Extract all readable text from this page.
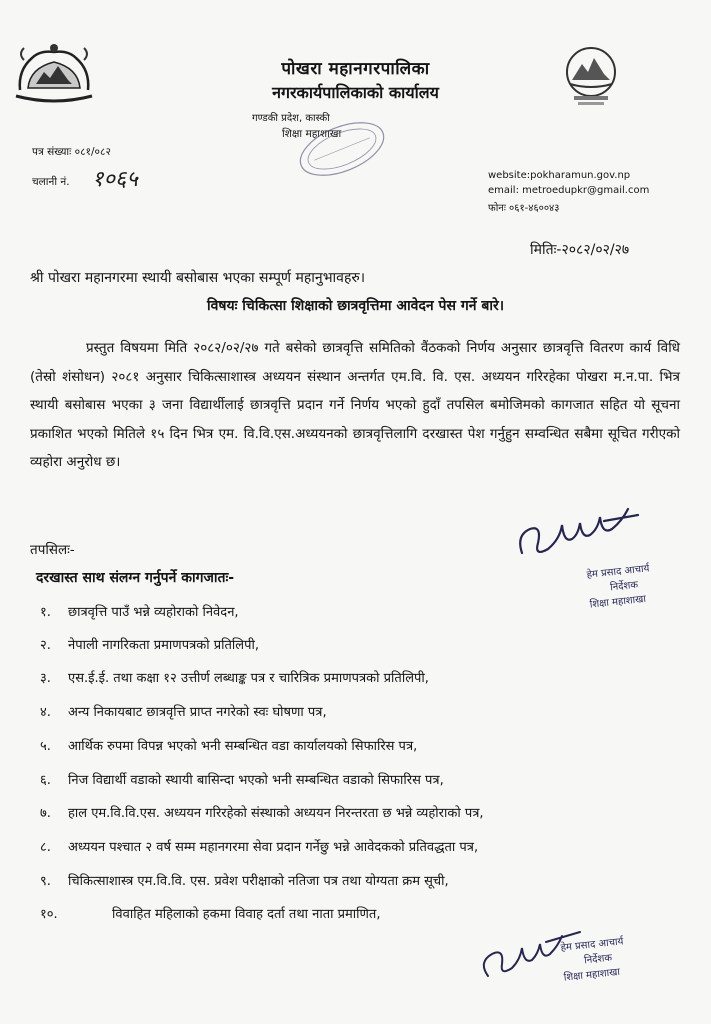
पोखरा महानगरपालिका
नगरकार्यपालिकाको कार्यालय
गण्डकी प्रदेश, कास्की
शिक्षा महाशाखा
पत्र संख्याः ०८१/०८२
चलानी नं. १०६५	website:pokharamun.gov.np
email: metroedupkr@gmail.com
फोनः ०६१-४६००४३
मितिः-२०८२/०२/२७
श्री पोखरा महानगरमा स्थायी बसोबास भएका सम्पूर्ण महानुभावहरु।
विषयः चिकित्सा शिक्षाको छात्रवृत्तिमा आवेदन पेस गर्ने बारे।
प्रस्तुत विषयमा मिति २०८२/०२/२७ गते बसेको छात्रवृत्ति समितिको वैंठकको निर्णय अनुसार छात्रवृत्ति वितरण कार्य विधि (तेस्रो शंसोधन) २०८१ अनुसार चिकित्साशास्त्र अध्ययन संस्थान अन्तर्गत एम.वि. वि. एस. अध्ययन गरिरहेका पोखरा म.न.पा. भित्र स्थायी बसोबास भएका ३ जना विद्यार्थीलाई छात्रवृत्ति प्रदान गर्ने निर्णय भएको हुदाँ तपसिल बमोजिमको कागजात सहित यो सूचना प्रकाशित भएको मितिले १५ दिन भित्र एम. वि.वि.एस.अध्ययनको छात्रवृत्तिलागि दरखास्त पेश गर्नुहुन सम्वन्धित सबैमा सूचित गरीएको व्यहोरा अनुरोध छ।
तपसिलः-
दरखास्त साथ संलग्न गर्नुपर्ने कागजातः-
१. छात्रवृत्ति पाउँ भन्ने व्यहोराको निवेदन,
२. नेपाली नागरिकता प्रमाणपत्रको प्रतिलिपी,
३. एस.ई.ई. तथा कक्षा १२ उत्तीर्ण लब्धाङ्क पत्र र चारित्रिक प्रमाणपत्रको प्रतिलिपी,
४. अन्य निकायबाट छात्रवृत्ति प्राप्त नगरेको स्वः घोषणा पत्र,
५. आर्थिक रुपमा विपन्न भएको भनी सम्बन्धित वडा कार्यालयको सिफारिस पत्र,
६. निज विद्यार्थी वडाको स्थायी बासिन्दा भएको भनी सम्बन्धित वडाको सिफारिस पत्र,
७. हाल एम.वि.वि.एस. अध्ययन गरिरहेको संस्थाको अध्ययन निरन्तरता छ भन्ने व्यहोराको पत्र,
८. अध्ययन पश्चात २ वर्ष सम्म महानगरमा सेवा प्रदान गर्नेछु भन्ने आवेदकको प्रतिवद्धता पत्र,
९. चिकित्साशास्त्र एम.वि.वि. एस. प्रवेश परीक्षाको नतिजा पत्र तथा योग्यता क्रम सूची,
१०.	विवाहित महिलाको हकमा विवाह दर्ता तथा नाता प्रमाणित,
हेम प्रसाद आचार्य
निर्देशक
शिक्षा महाशाखा
हेम प्रसाद आचार्य
निर्देशक
शिक्षा महाशाखा
